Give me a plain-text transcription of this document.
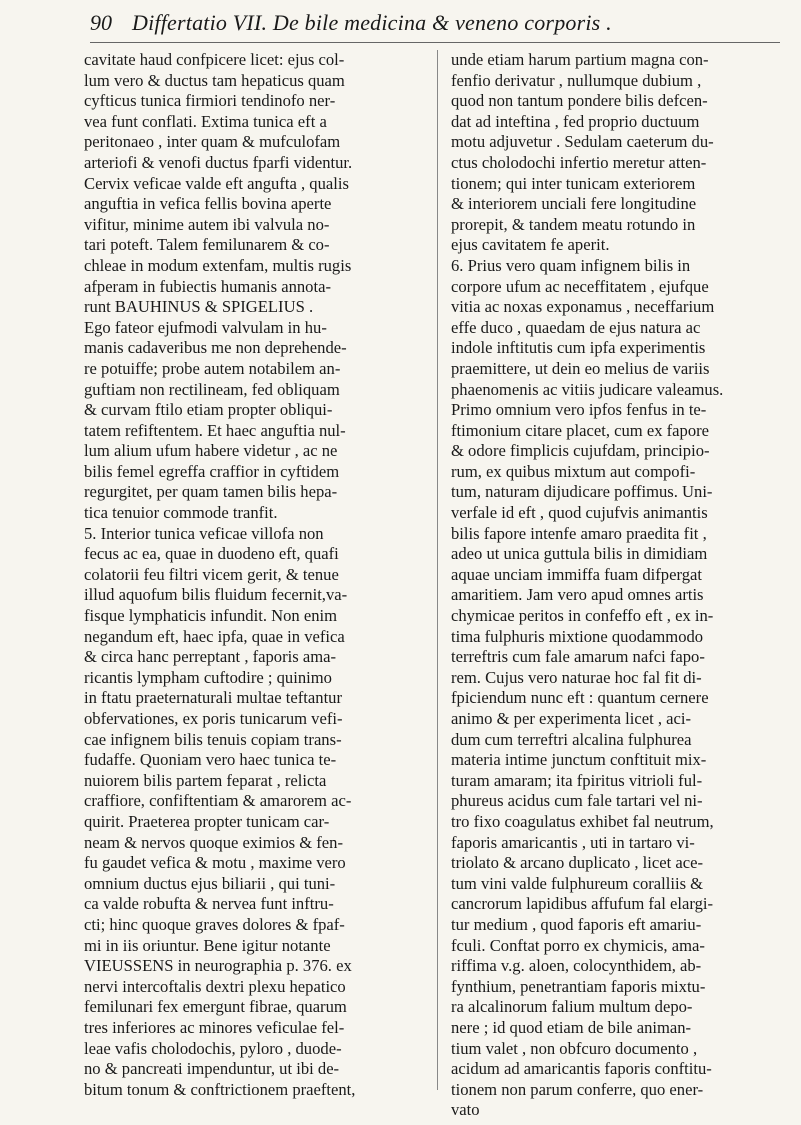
90 Differtatio VII. De bile medicina & veneno corporis .
cavitate haud confpicere licet: ejus col-
lum vero & ductus tam hepaticus quam
cyfticus tunica firmiori tendinofo ner-
vea funt conflati. Extima tunica eft a
peritonaeo , inter quam & mufculofam
arteriofi & venofi ductus fparfi videntur.
Cervix veficae valde eft angufta , qualis
anguftia in vefica fellis bovina aperte
vifitur, minime autem ibi valvula no-
tari poteft. Talem femilunarem & co-
chleae in modum extenfam, multis rugis
afperam in fubiectis humanis annota-
runt BAUHINUS & SPIGELIUS .
Ego fateor ejufmodi valvulam in hu-
manis cadaveribus me non deprehende-
re potuiffe; probe autem notabilem an-
guftiam non rectilineam, fed obliquam
& curvam ftilo etiam propter obliqui-
tatem refiftentem. Et haec anguftia nul-
lum alium ufum habere videtur , ac ne
bilis femel egreffa craffior in cyftidem
regurgitet, per quam tamen bilis hepa-
tica tenuior commode tranfit.
5. Interior tunica veficae villofa non
fecus ac ea, quae in duodeno eft, quafi
colatorii feu filtri vicem gerit, & tenue
illud aquofum bilis fluidum fecernit,va-
fisque lymphaticis infundit. Non enim
negandum eft, haec ipfa, quae in vefica
& circa hanc perreptant , faporis ama-
ricantis lympham cuftodire ; quinimo
in ftatu praeternaturali multae teftantur
obfervationes, ex poris tunicarum vefi-
cae infignem bilis tenuis copiam trans-
fudaffe. Quoniam vero haec tunica te-
nuiorem bilis partem feparat , relicta
craffiore, confiftentiam & amarorem ac-
quirit. Praeterea propter tunicam car-
neam & nervos quoque eximios & fen-
fu gaudet vefica & motu , maxime vero
omnium ductus ejus biliarii , qui tuni-
ca valde robufta & nervea funt inftru-
cti; hinc quoque graves dolores & fpaf-
mi in iis oriuntur. Bene igitur notante
VIEUSSENS in neurographia p. 376. ex
nervi intercoftalis dextri plexu hepatico
femilunari fex emergunt fibrae, quarum
tres inferiores ac minores veficulae fel-
leae vafis cholodochis, pyloro , duode-
no & pancreati impenduntur, ut ibi de-
bitum tonum & conftrictionem praeftent,
unde etiam harum partium magna con-
fenfio derivatur , nullumque dubium ,
quod non tantum pondere bilis defcen-
dat ad inteftina , fed proprio ductuum
motu adjuvetur . Sedulam caeterum du-
ctus cholodochi infertio meretur atten-
tionem; qui inter tunicam exteriorem
& interiorem unciali fere longitudine
prorepit, & tandem meatu rotundo in
ejus cavitatem fe aperit.
6. Prius vero quam infignem bilis in
corpore ufum ac neceffitatem , ejufque
vitia ac noxas exponamus , neceffarium
effe duco , quaedam de ejus natura ac
indole inftitutis cum ipfa experimentis
praemittere, ut dein eo melius de variis
phaenomenis ac vitiis judicare valeamus.
Primo omnium vero ipfos fenfus in te-
ftimonium citare placet, cum ex fapore
& odore fimplicis cujufdam, principio-
rum, ex quibus mixtum aut compofi-
tum, naturam dijudicare poffimus. Uni-
verfale id eft , quod cujufvis animantis
bilis fapore intenfe amaro praedita fit ,
adeo ut unica guttula bilis in dimidiam
aquae unciam immiffa fuam difpergat
amaritiem. Jam vero apud omnes artis
chymicae peritos in confeffo eft , ex in-
tima fulphuris mixtione quodammodo
terreftris cum fale amarum nafci fapo-
rem. Cujus vero naturae hoc fal fit di-
fpiciendum nunc eft : quantum cernere
animo & per experimenta licet , aci-
dum cum terreftri alcalina fulphurea
materia intime junctum conftituit mix-
turam amaram; ita fpiritus vitrioli ful-
phureus acidus cum fale tartari vel ni-
tro fixo coagulatus exhibet fal neutrum,
faporis amaricantis , uti in tartaro vi-
triolato & arcano duplicato , licet ace-
tum vini valde fulphureum coralliis &
cancrorum lapidibus affufum fal elargi-
tur medium , quod faporis eft amariu-
fculi. Conftat porro ex chymicis, ama-
riffima v.g. aloen, colocynthidem, ab-
fynthium, penetrantiam faporis mixtu-
ra alcalinorum falium multum depo-
nere ; id quod etiam de bile animan-
tium valet , non obfcuro documento ,
acidum ad amaricantis faporis conftitu-
tionem non parum conferre, quo ener-
vato
